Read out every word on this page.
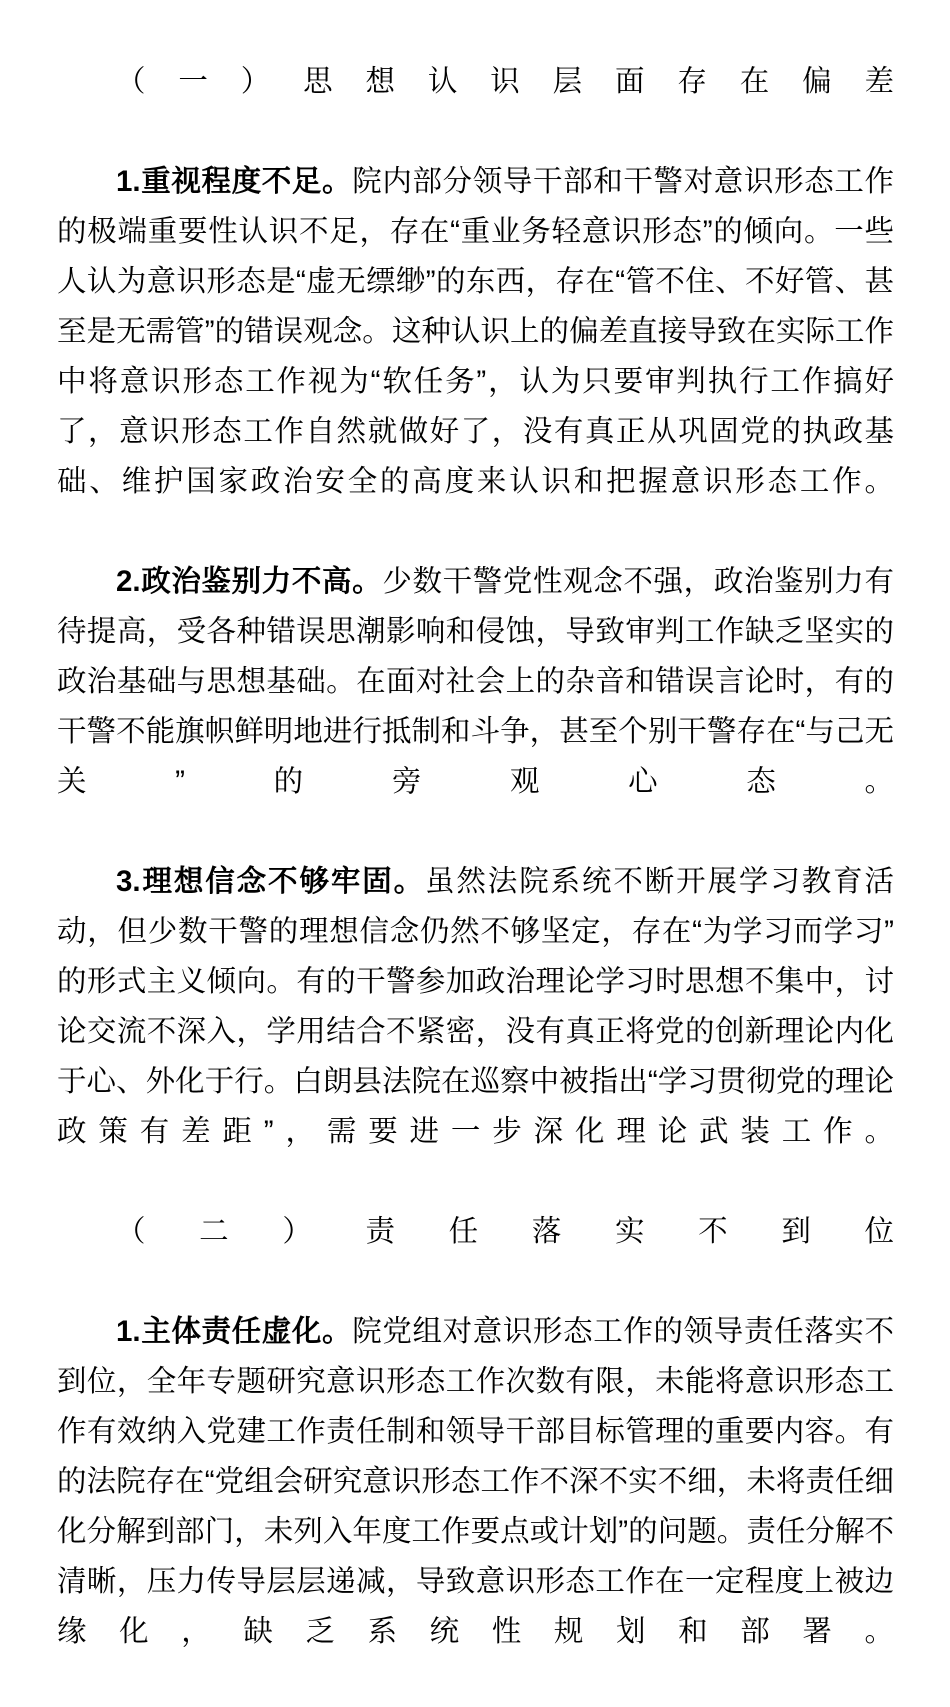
（一）思想认识层面存在偏差

1.重视程度不足。院内部分领导干部和干警对意识形态工作的极端重要性认识不足，存在“重业务轻意识形态”的倾向。一些人认为意识形态是“虚无缥缈”的东西，存在“管不住、不好管、甚至是无需管”的错误观念。这种认识上的偏差直接导致在实际工作中将意识形态工作视为“软任务”，认为只要审判执行工作搞好了，意识形态工作自然就做好了，没有真正从巩固党的执政基础、维护国家政治安全的高度来认识和把握意识形态工作。

2.政治鉴别力不高。少数干警党性观念不强，政治鉴别力有待提高，受各种错误思潮影响和侵蚀，导致审判工作缺乏坚实的政治基础与思想基础。在面对社会上的杂音和错误言论时，有的干警不能旗帜鲜明地进行抵制和斗争，甚至个别干警存在“与己无关”的旁观心态。

3.理想信念不够牢固。虽然法院系统不断开展学习教育活动，但少数干警的理想信念仍然不够坚定，存在“为学习而学习”的形式主义倾向。有的干警参加政治理论学习时思想不集中，讨论交流不深入，学用结合不紧密，没有真正将党的创新理论内化于心、外化于行。白朗县法院在巡察中被指出“学习贯彻党的理论政策有差距”，需要进一步深化理论武装工作。

（二）责任落实不到位

1.主体责任虚化。院党组对意识形态工作的领导责任落实不到位，全年专题研究意识形态工作次数有限，未能将意识形态工作有效纳入党建工作责任制和领导干部目标管理的重要内容。有的法院存在“党组会研究意识形态工作不深不实不细，未将责任细化分解到部门，未列入年度工作要点或计划”的问题。责任分解不清晰，压力传导层层递减，导致意识形态工作在一定程度上被边缘化，缺乏系统性规划和部署。
